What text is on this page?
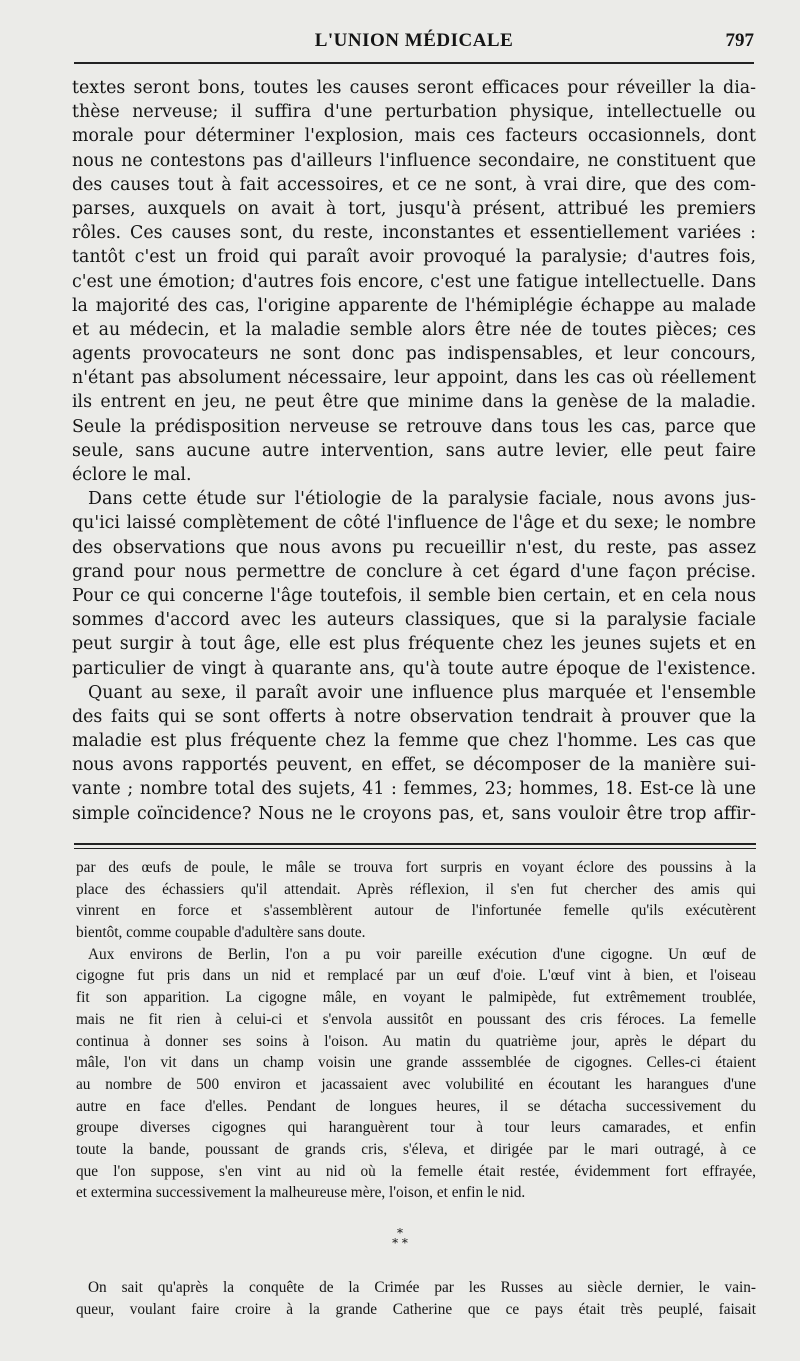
L'UNION MÉDICALE	797
textes seront bons, toutes les causes seront efficaces pour réveiller la dia-
thèse nerveuse; il suffira d'une perturbation physique, intellectuelle ou
morale pour déterminer l'explosion, mais ces facteurs occasionnels, dont
nous ne contestons pas d'ailleurs l'influence secondaire, ne constituent que
des causes tout à fait accessoires, et ce ne sont, à vrai dire, que des com-
parses, auxquels on avait à tort, jusqu'à présent, attribué les premiers
rôles. Ces causes sont, du reste, inconstantes et essentiellement variées :
tantôt c'est un froid qui paraît avoir provoqué la paralysie; d'autres fois,
c'est une émotion; d'autres fois encore, c'est une fatigue intellectuelle. Dans
la majorité des cas, l'origine apparente de l'hémiplégie échappe au malade
et au médecin, et la maladie semble alors être née de toutes pièces; ces
agents provocateurs ne sont donc pas indispensables, et leur concours,
n'étant pas absolument nécessaire, leur appoint, dans les cas où réellement
ils entrent en jeu, ne peut être que minime dans la genèse de la maladie.
Seule la prédisposition nerveuse se retrouve dans tous les cas, parce que
seule, sans aucune autre intervention, sans autre levier, elle peut faire
éclore le mal.
Dans cette étude sur l'étiologie de la paralysie faciale, nous avons jus-
qu'ici laissé complètement de côté l'influence de l'âge et du sexe; le nombre
des observations que nous avons pu recueillir n'est, du reste, pas assez
grand pour nous permettre de conclure à cet égard d'une façon précise.
Pour ce qui concerne l'âge toutefois, il semble bien certain, et en cela nous
sommes d'accord avec les auteurs classiques, que si la paralysie faciale
peut surgir à tout âge, elle est plus fréquente chez les jeunes sujets et en
particulier de vingt à quarante ans, qu'à toute autre époque de l'existence.
Quant au sexe, il paraît avoir une influence plus marquée et l'ensemble
des faits qui se sont offerts à notre observation tendrait à prouver que la
maladie est plus fréquente chez la femme que chez l'homme. Les cas que
nous avons rapportés peuvent, en effet, se décomposer de la manière sui-
vante ; nombre total des sujets, 41 : femmes, 23; hommes, 18. Est-ce là une
simple coïncidence? Nous ne le croyons pas, et, sans vouloir être trop affir-
par des œufs de poule, le mâle se trouva fort surpris en voyant éclore des poussins à la
place des échassiers qu'il attendait. Après réflexion, il s'en fut chercher des amis qui
vinrent en force et s'assemblèrent autour de l'infortunée femelle qu'ils exécutèrent
bientôt, comme coupable d'adultère sans doute.
Aux environs de Berlin, l'on a pu voir pareille exécution d'une cigogne. Un œuf de
cigogne fut pris dans un nid et remplacé par un œuf d'oie. L'œuf vint à bien, et l'oiseau
fit son apparition. La cigogne mâle, en voyant le palmipède, fut extrêmement troublée,
mais ne fit rien à celui-ci et s'envola aussitôt en poussant des cris féroces. La femelle
continua à donner ses soins à l'oison. Au matin du quatrième jour, après le départ du
mâle, l'on vit dans un champ voisin une grande asssemblée de cigognes. Celles-ci étaient
au nombre de 500 environ et jacassaient avec volubilité en écoutant les harangues d'une
autre en face d'elles. Pendant de longues heures, il se détacha successivement du
groupe diverses cigognes qui haranguèrent tour à tour leurs camarades, et enfin
toute la bande, poussant de grands cris, s'éleva, et dirigée par le mari outragé, à ce
que l'on suppose, s'en vint au nid où la femelle était restée, évidemment fort effrayée,
et extermina successivement la malheureuse mère, l'oison, et enfin le nid.
*
* *
On sait qu'après la conquête de la Crimée par les Russes au siècle dernier, le vain-
queur, voulant faire croire à la grande Catherine que ce pays était très peuplé, faisait
